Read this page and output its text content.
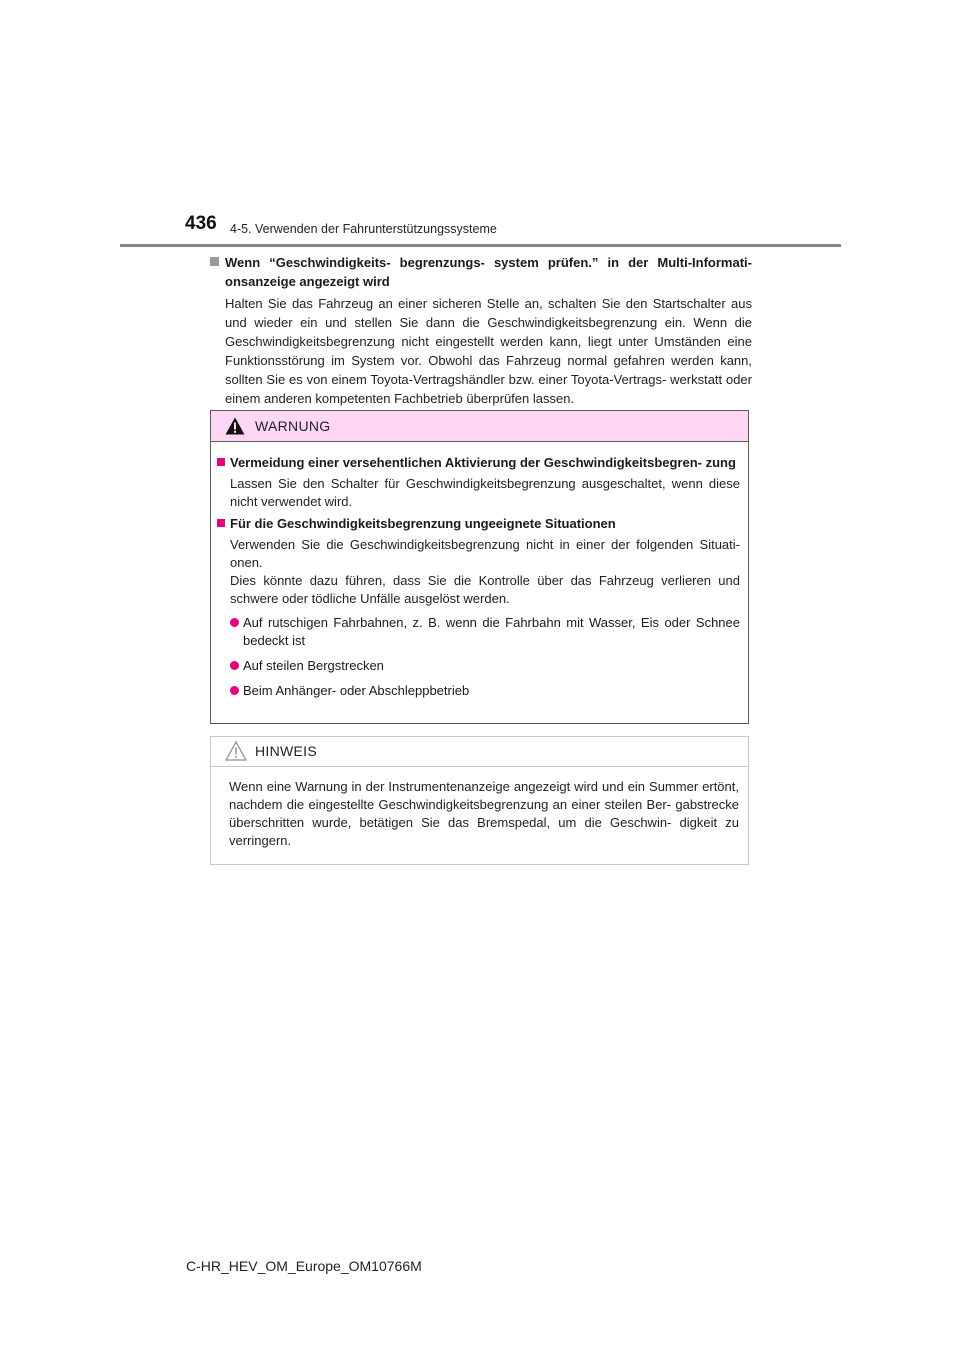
436 4-5. Verwenden der Fahrunterstützungssysteme
Wenn “Geschwindigkeits- begrenzungs- system prüfen.” in der Multi-Informati- onsanzeige angezeigt wird
Halten Sie das Fahrzeug an einer sicheren Stelle an, schalten Sie den Startschalter aus und wieder ein und stellen Sie dann die Geschwindigkeitsbegrenzung ein. Wenn die Geschwindigkeitsbegrenzung nicht eingestellt werden kann, liegt unter Umständen eine Funktionsstörung im System vor. Obwohl das Fahrzeug normal gefahren werden kann, sollten Sie es von einem Toyota-Vertragshändler bzw. einer Toyota-Vertrags- werkstatt oder einem anderen kompetenten Fachbetrieb überprüfen lassen.
WARNUNG
Vermeidung einer versehentlichen Aktivierung der Geschwindigkeitsbegren- zung
Lassen Sie den Schalter für Geschwindigkeitsbegrenzung ausgeschaltet, wenn diese nicht verwendet wird.
Für die Geschwindigkeitsbegrenzung ungeeignete Situationen
Verwenden Sie die Geschwindigkeitsbegrenzung nicht in einer der folgenden Situati- onen.
Dies könnte dazu führen, dass Sie die Kontrolle über das Fahrzeug verlieren und schwere oder tödliche Unfälle ausgelöst werden.
Auf rutschigen Fahrbahnen, z. B. wenn die Fahrbahn mit Wasser, Eis oder Schnee bedeckt ist
Auf steilen Bergstrecken
Beim Anhänger- oder Abschleppbetrieb
HINWEIS
Wenn eine Warnung in der Instrumentenanzeige angezeigt wird und ein Summer ertönt, nachdem die eingestellte Geschwindigkeitsbegrenzung an einer steilen Ber- gabstrecke überschritten wurde, betätigen Sie das Bremspedal, um die Geschwin- digkeit zu verringern.
C-HR_HEV_OM_Europe_OM10766M
